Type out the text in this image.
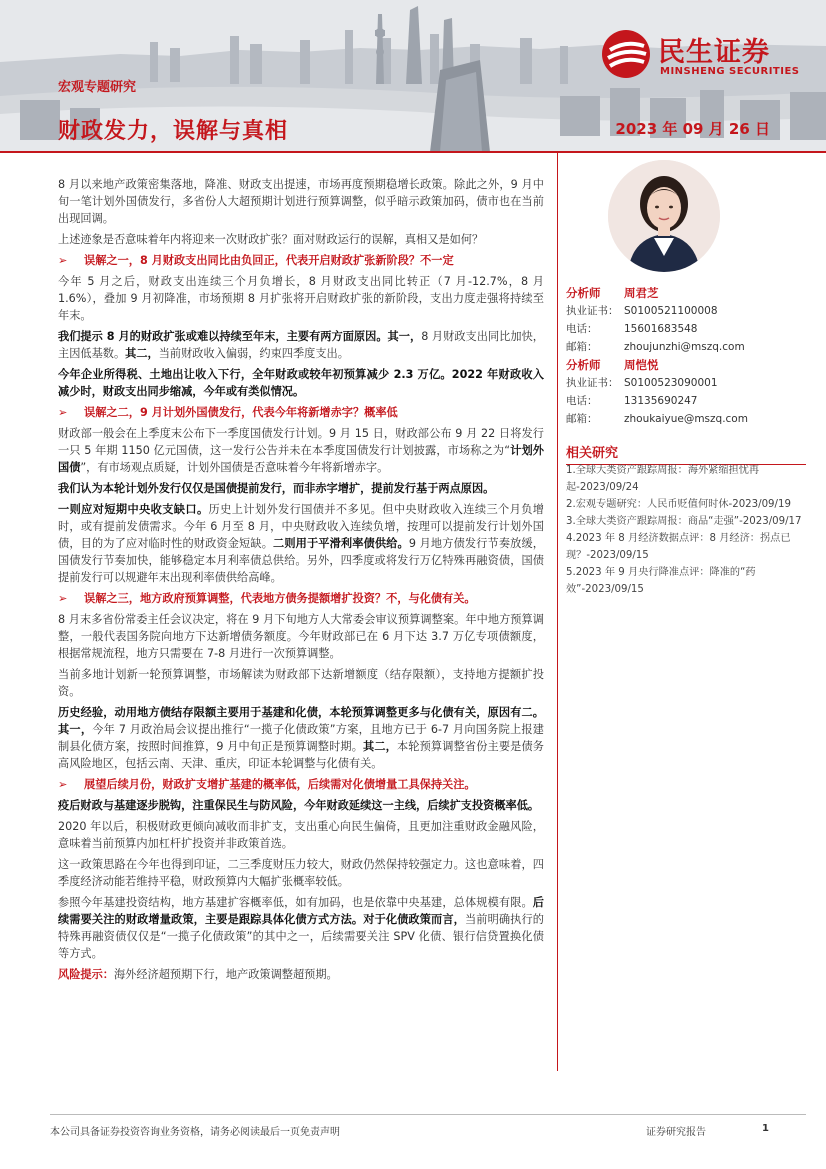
民生证券
MINSHENG SECURITIES
宏观专题研究
财政发力，误解与真相	2023 年 09 月 26 日

8 月以来地产政策密集落地，降准、财政支出提速，市场再度预期稳增长政策。除此之外，9 月中旬一笔计划外国债发行，多省份人大超预期计划进行预算调整，似乎暗示政策加码，债市也在当前出现回调。

上述迹象是否意味着年内将迎来一次财政扩张？面对财政运行的误解，真相又是如何？

➢ 误解之一，8 月财政支出同比由负回正，代表开启财政扩张新阶段？不一定

今年 5 月之后，财政支出连续三个月负增长，8 月财政支出同比转正（7 月-12.7%，8 月 1.6%），叠加 9 月初降准，市场预期 8 月扩张将开启财政扩张的新阶段，支出力度走强将持续至年末。

我们提示 8 月的财政扩张或难以持续至年末，主要有两方面原因。其一，8 月财政支出同比加快，主因低基数。其二，当前财政收入偏弱，约束四季度支出。

今年企业所得税、土地出让收入下行，全年财政或较年初预算减少 2.3 万亿。2022 年财政收入减少时，财政支出同步缩减，今年或有类似情况。

➢ 误解之二，9 月计划外国债发行，代表今年将新增赤字？概率低

财政部一般会在上季度末公布下一季度国债发行计划。9 月 15 日，财政部公布 9 月 22 日将发行一只 5 年期 1150 亿元国债，这一发行公告并未在本季度国债发行计划披露，市场称之为“计划外国债”，有市场观点质疑，计划外国债是否意味着今年将新增赤字。

我们认为本轮计划外发行仅仅是国债提前发行，而非赤字增扩，提前发行基于两点原因。

一则应对短期中央收支缺口。历史上计划外发行国债并不多见。但中央财政收入连续三个月负增时，或有提前发债需求。今年 6 月至 8 月，中央财政收入连续负增，按理可以提前发行计划外国债，目的为了应对临时性的财政资金短缺。二则用于平滑利率债供给。9 月地方债发行节奏放缓，国债发行节奏加快，能够稳定本月利率债总供给。另外，四季度或将发行万亿特殊再融资债，国债提前发行可以规避年末出现利率债供给高峰。

➢ 误解之三，地方政府预算调整，代表地方债务提额增扩投资？不，与化债有关。

8 月末多省份常委主任会议决定，将在 9 月下旬地方人大常委会审议预算调整案。年中地方预算调整，一般代表国务院向地方下达新增债务额度。今年财政部已在 6 月下达 3.7 万亿专项债额度，根据常规流程，地方只需要在 7-8 月进行一次预算调整。

当前多地计划新一轮预算调整，市场解读为财政部下达新增额度（结存限额），支持地方提额扩投资。

历史经验，动用地方债结存限额主要用于基建和化债，本轮预算调整更多与化债有关，原因有二。其一，今年 7 月政治局会议提出推行“一揽子化债政策”方案，且地方已于 6-7 月向国务院上报建制县化债方案，按照时间推算，9 月中旬正是预算调整时期。其二，本轮预算调整省份主要是债务高风险地区，包括云南、天津、重庆，印证本轮调整与化债有关。

➢ 展望后续月份，财政扩支增扩基建的概率低，后续需对化债增量工具保持关注。

疫后财政与基建逐步脱钩，注重保民生与防风险，今年财政延续这一主线，后续扩支投资概率低。

2020 年以后，积极财政更倾向减收而非扩支，支出重心向民生偏倚，且更加注重财政金融风险，意味着当前预算内加杠杆扩投资并非政策首选。

这一政策思路在今年也得到印证，二三季度财压力较大，财政仍然保持较强定力。这也意味着，四季度经济动能若维持平稳，财政预算内大幅扩张概率较低。

参照今年基建投资结构，地方基建扩容概率低，如有加码，也是依靠中央基建，总体规模有限。后续需要关注的财政增量政策，主要是跟踪具体化债方式方法。对于化债政策而言，当前明确执行的特殊再融资债仅仅是“一揽子化债政策”的其中之一，后续需要关注 SPV 化债、银行信贷置换化债等方式。

风险提示：海外经济超预期下行，地产政策调整超预期。

分析师 周君芝
执业证书： S0100521100008
电话：	15601683548
邮箱：	zhoujunzhi@mszq.com
分析师 周恺悦
执业证书： S0100523090001
电话：	13135690247
邮箱：	zhoukaiyue@mszq.com
相关研究
1.全球大类资产跟踪周报：海外紧缩担忧再起-2023/09/24
2.宏观专题研究：人民币贬值何时休-2023/09/19
3.全球大类资产跟踪周报：商品“走强”-2023/09/17
4.2023 年 8 月经济数据点评：8 月经济：拐点已现？-2023/09/15
5.2023 年 9 月央行降准点评：降准的“药效”-2023/09/15
本公司具备证券投资咨询业务资格，请务必阅读最后一页免责声明	证券研究报告	1
